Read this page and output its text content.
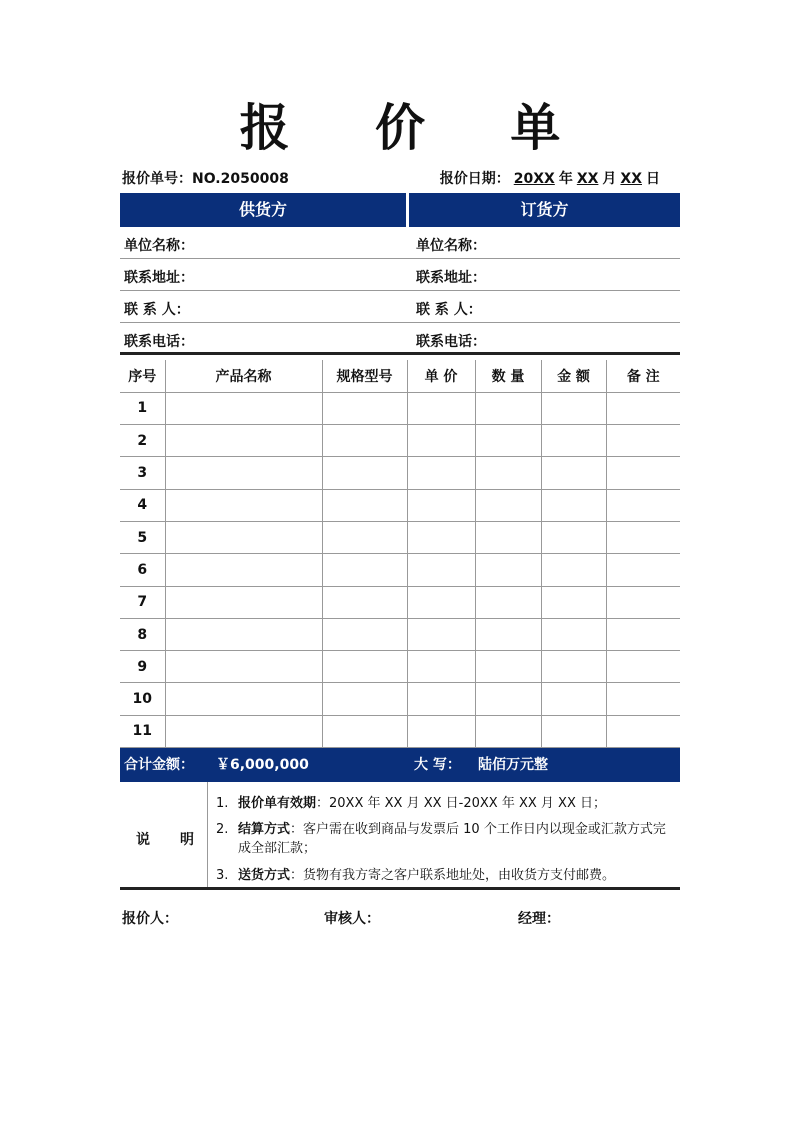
报 价 单
报价单号：NO.2050008	报价日期： 20XX 年 XX 月 XX 日
供货方	订货方
单位名称：	单位名称：
联系地址：	联系地址：
联 系 人：	联 系 人：
联系电话：	联系电话：
序号	产品名称	规格型号	单 价	数 量	金 额	备 注
1						
2						
3						
4						
5						
6						
7						
8						
9						
10						
11						
合计金额： ￥6,000,000	大 写： 陆佰万元整
说 明
1. 报价单有效期：20XX 年 XX 月 XX 日-20XX 年 XX 月 XX 日；
2. 结算方式：客户需在收到商品与发票后 10 个工作日内以现金或汇款方式完成全部汇款；
3. 送货方式：货物有我方寄之客户联系地址处，由收货方支付邮费。
报价人：	审核人：	经理：
